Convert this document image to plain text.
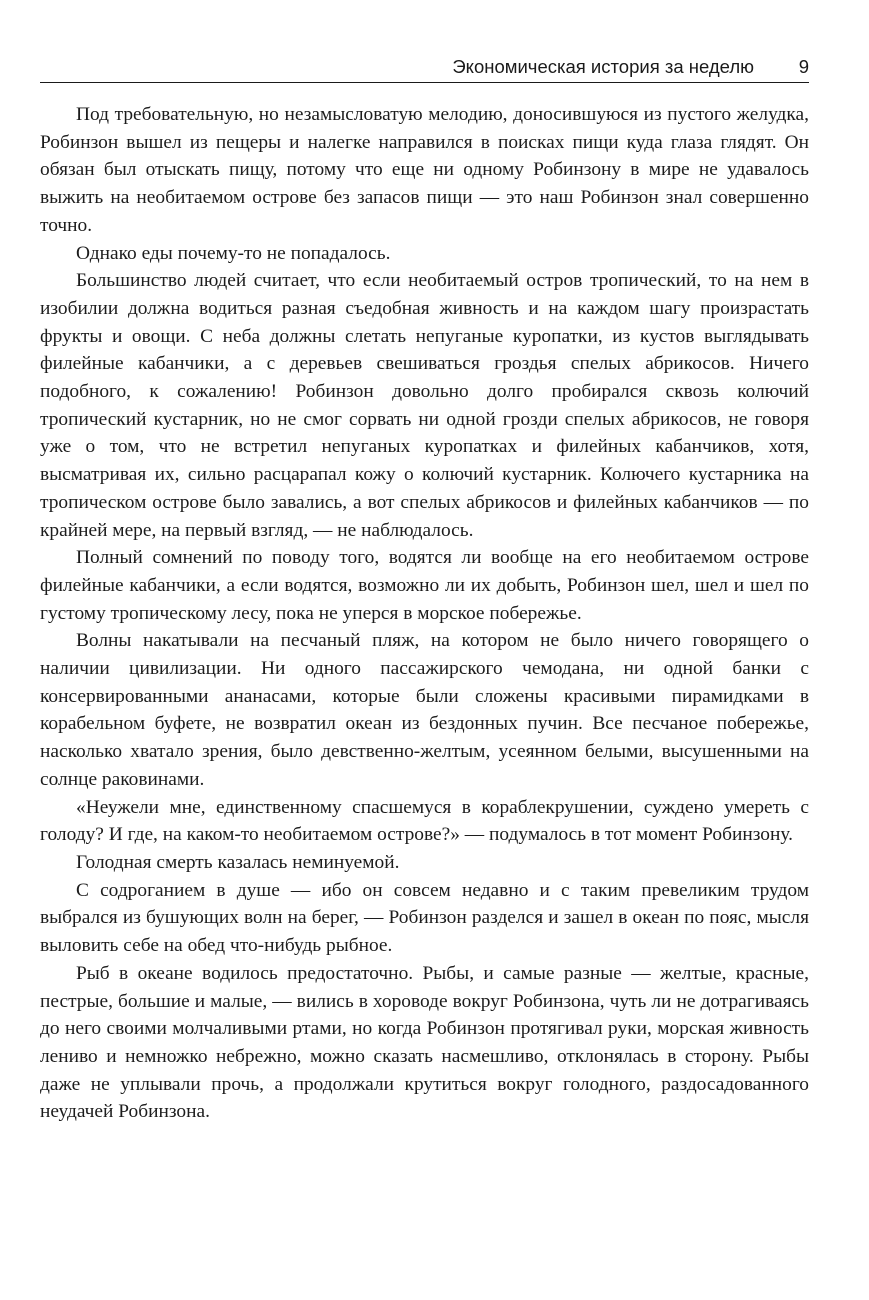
Экономическая история за неделю 9

Под требовательную, но незамысловатую мелодию, доносившуюся из пустого желудка, Робинзон вышел из пещеры и налегке направился в поисках пищи куда глаза глядят. Он обязан был отыскать пищу, потому что еще ни одному Робинзону в мире не удавалось выжить на необитаемом острове без запасов пищи — это наш Робинзон знал совершенно точно.

Однако еды почему-то не попадалось.

Большинство людей считает, что если необитаемый остров тропический, то на нем в изобилии должна водиться разная съедобная живность и на каждом шагу произрастать фрукты и овощи. С неба должны слетать непуганые куропатки, из кустов выглядывать филейные кабанчики, а с деревьев свешиваться гроздья спелых абрикосов. Ничего подобного, к сожалению! Робинзон довольно долго пробирался сквозь колючий тропический кустарник, но не смог сорвать ни одной грозди спелых абрикосов, не говоря уже о том, что не встретил непуганых куропатках и филейных кабанчиков, хотя, высматривая их, сильно расцарапал кожу о колючий кустарник. Колючего кустарника на тропическом острове было завались, а вот спелых абрикосов и филейных кабанчиков — по крайней мере, на первый взгляд, — не наблюдалось.

Полный сомнений по поводу того, водятся ли вообще на его необитаемом острове филейные кабанчики, а если водятся, возможно ли их добыть, Робинзон шел, шел и шел по густому тропическому лесу, пока не уперся в морское побережье.

Волны накатывали на песчаный пляж, на котором не было ничего говорящего о наличии цивилизации. Ни одного пассажирского чемодана, ни одной банки с консервированными ананасами, которые были сложены красивыми пирамидками в корабельном буфете, не возвратил океан из бездонных пучин. Все песчаное побережье, насколько хватало зрения, было девственно-желтым, усеянном белыми, высушенными на солнце раковинами.

«Неужели мне, единственному спасшемуся в кораблекрушении, суждено умереть с голоду? И где, на каком-то необитаемом острове?» — подумалось в тот момент Робинзону.

Голодная смерть казалась неминуемой.

С содроганием в душе — ибо он совсем недавно и с таким превеликим трудом выбрался из бушующих волн на берег, — Робинзон разделся и зашел в океан по пояс, мысля выловить себе на обед что-нибудь рыбное.

Рыб в океане водилось предостаточно. Рыбы, и самые разные — желтые, красные, пестрые, большие и малые, — вились в хороводе вокруг Робинзона, чуть ли не дотрагиваясь до него своими молчаливыми ртами, но когда Робинзон протягивал руки, морская живность лениво и немножко небрежно, можно сказать насмешливо, отклонялась в сторону. Рыбы даже не уплывали прочь, а продолжали крутиться вокруг голодного, раздосадованного неудачей Робинзона.
